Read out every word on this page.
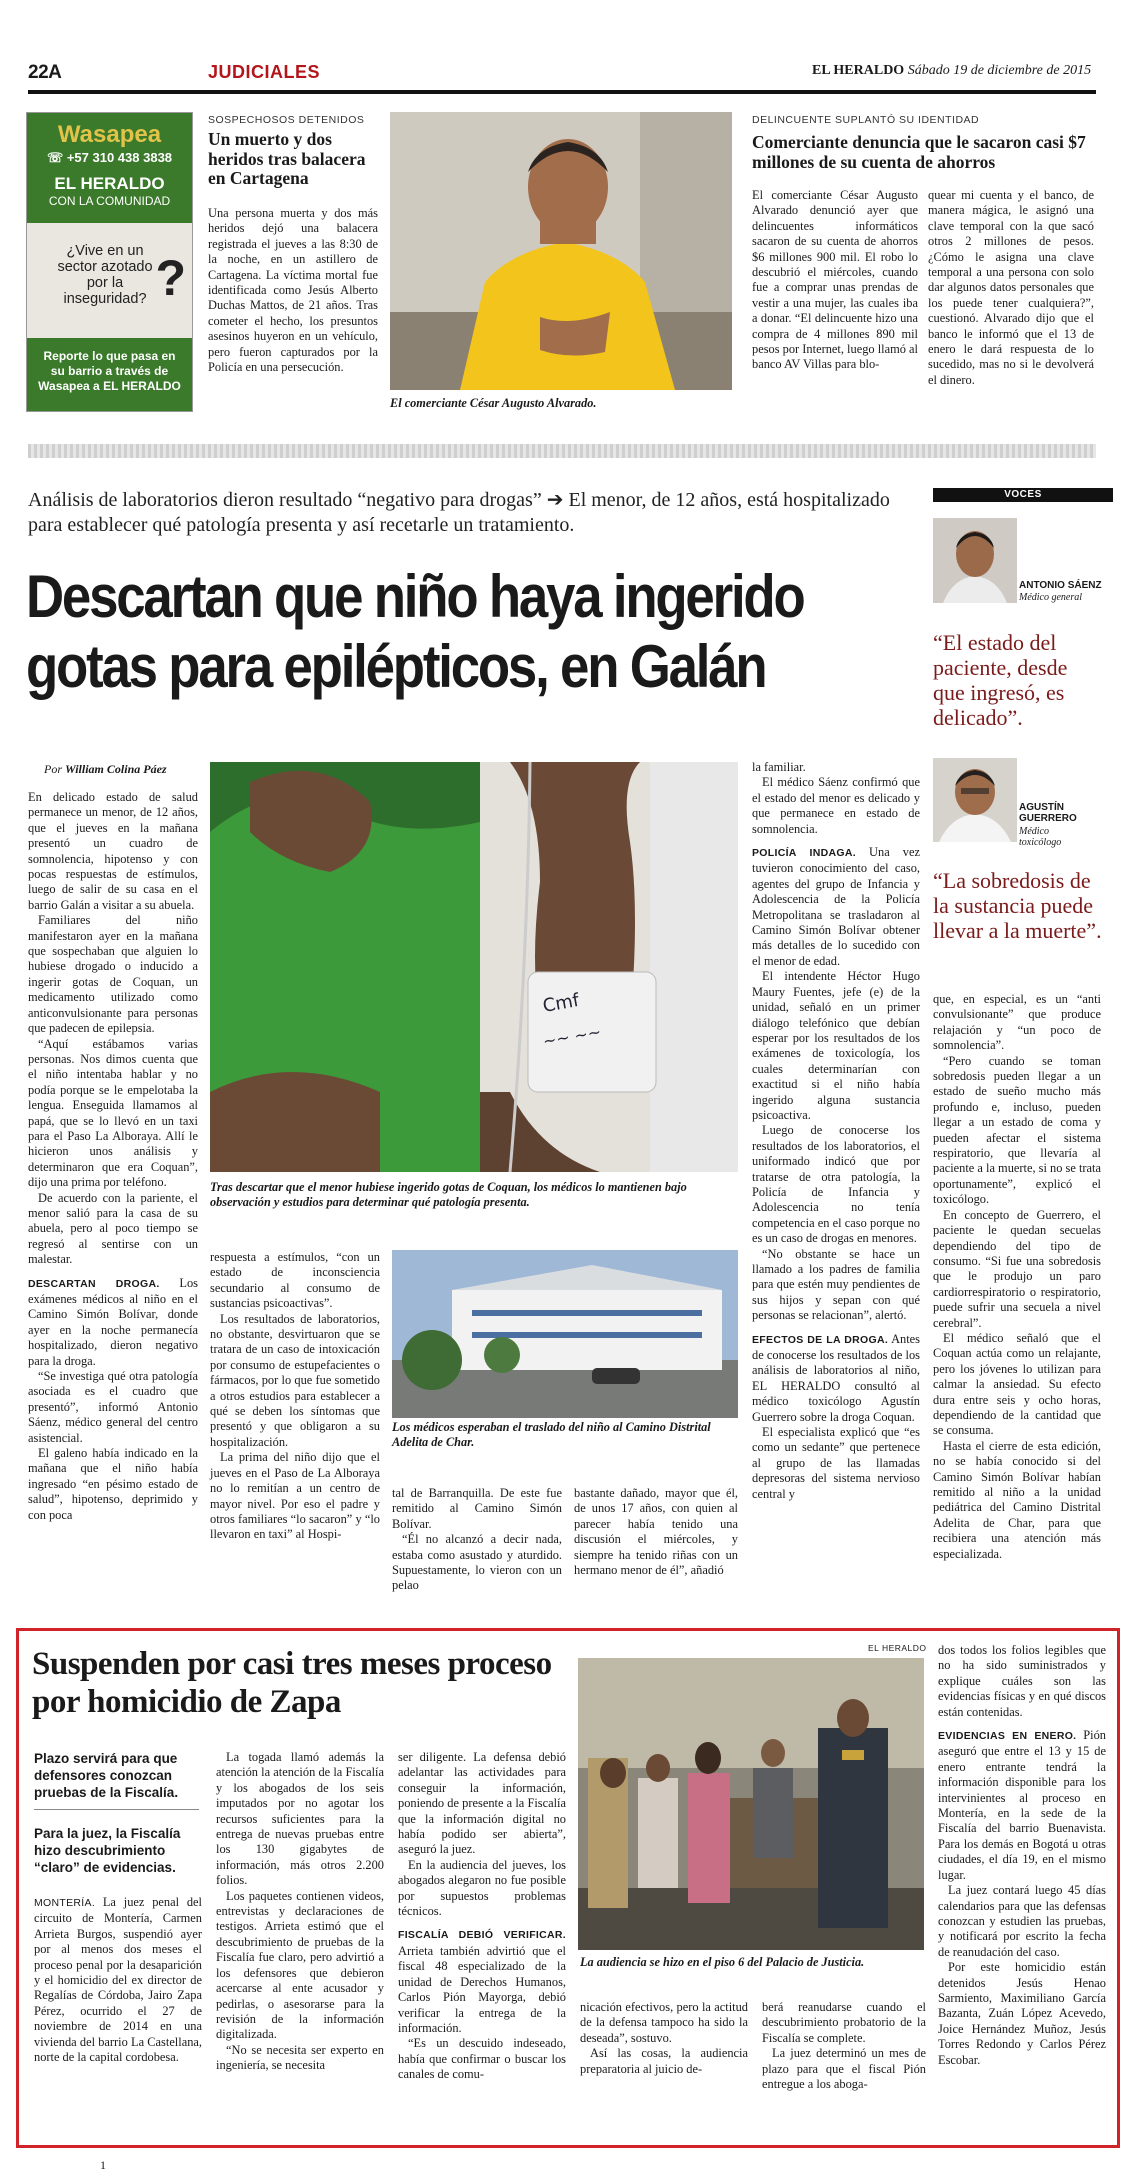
22A	JUDICIALES	EL HERALDO Sábado 19 de diciembre de 2015
Wasapea
☏ +57 310 438 3838
EL HERALDO
CON LA COMUNIDAD
¿Vive en un sector azotado por la inseguridad? ?
Reporte lo que pasa en su barrio a través de Wasapea a EL HERALDO
SOSPECHOSOS DETENIDOS
Un muerto y dos heridos tras balacera en Cartagena
Una persona muerta y dos más heridos dejó una balacera registrada el jueves a las 8:30 de la noche, en un astillero de Cartagena. La víctima mortal fue identificada como Jesús Alberto Duchas Mattos, de 21 años. Tras cometer el hecho, los presuntos asesinos huyeron en un vehículo, pero fueron capturados por la Policía en una persecución.
El comerciante César Augusto Alvarado.
DELINCUENTE SUPLANTÓ SU IDENTIDAD
Comerciante denuncia que le sacaron casi $7 millones de su cuenta de ahorros
El comerciante César Augusto Alvarado denunció ayer que delincuentes informáticos sacaron de su cuenta de ahorros $6 millones 900 mil. El robo lo descubrió el miércoles, cuando fue a comprar unas prendas de vestir a una mujer, las cuales iba a donar. “El delincuente hizo una compra de 4 millones 890 mil pesos por Internet, luego llamó al banco AV Villas para blo-
quear mi cuenta y el banco, de manera mágica, le asignó una clave temporal con la que sacó otros 2 millones de pesos. ¿Cómo le asigna una clave temporal a una persona con solo dar algunos datos personales que los puede tener cualquiera?”, cuestionó. Alvarado dijo que el banco le informó que el 13 de enero le dará respuesta de lo sucedido, mas no si le devolverá el dinero.
Análisis de laboratorios dieron resultado “negativo para drogas” ➔ El menor, de 12 años, está hospitalizado para establecer qué patología presenta y así recetarle un tratamiento.
Descartan que niño haya ingerido gotas para epilépticos, en Galán
VOCES
ANTONIO SÁENZ
Médico general
“El estado del paciente, desde que ingresó, es delicado”.
AGUSTÍN GUERRERO
Médico toxicólogo
“La sobredosis de la sustancia puede llevar a la muerte”.
Por William Colina Páez
Cmf
~~ ~~
Tras descartar que el menor hubiese ingerido gotas de Coquan, los médicos lo mantienen bajo observación y estudios para determinar qué patología presenta.
Los médicos esperaban el traslado del niño al Camino Distrital Adelita de Char.

En delicado estado de salud permanece un menor, de 12 años, que el jueves en la mañana presentó un cuadro de somnolencia, hipotenso y con pocas respuestas de estímulos, luego de salir de su casa en el barrio Galán a visitar a su abuela.

Familiares del niño manifestaron ayer en la mañana que sospechaban que alguien lo hubiese drogado o inducido a ingerir gotas de Coquan, un medicamento utilizado como anticonvulsionante para personas que padecen de epilepsia.

“Aquí estábamos varias personas. Nos dimos cuenta que el niño intentaba hablar y no podía porque se le empelotaba la lengua. Enseguida llamamos al papá, que se lo llevó en un taxi para el Paso La Alboraya. Allí le hicieron unos análisis y determinaron que era Coquan”, dijo una prima por teléfono.

De acuerdo con la pariente, el menor salió para la casa de su abuela, pero al poco tiempo se regresó al sentirse con un malestar.

DESCARTAN DROGA. Los exámenes médicos al niño en el Camino Simón Bolívar, donde ayer en la noche permanecía hospitalizado, dieron negativo para la droga.

“Se investiga qué otra patología asociada es el cuadro que presentó”, informó Antonio Sáenz, médico general del centro asistencial.

El galeno había indicado en la mañana que el niño había ingresado “en pésimo estado de salud”, hipotenso, deprimido y con poca

respuesta a estímulos, “con un estado de inconsciencia secundario al consumo de sustancias psicoactivas”.

Los resultados de laboratorios, no obstante, desvirtuaron que se tratara de un caso de intoxicación por consumo de estupefacientes o fármacos, por lo que fue sometido a otros estudios para establecer a qué se deben los síntomas que presentó y que obligaron a su hospitalización.

La prima del niño dijo que el jueves en el Paso de La Alboraya no lo remitían a un centro de mayor nivel. Por eso el padre y otros familiares “lo sacaron” y “lo llevaron en taxi” al Hospi-

tal de Barranquilla. De este fue remitido al Camino Simón Bolívar.

“Él no alcanzó a decir nada, estaba como asustado y aturdido. Supuestamente, lo vieron con un pelao

bastante dañado, mayor que él, de unos 17 años, con quien al parecer había tenido una discusión el miércoles, y siempre ha tenido riñas con un hermano menor de él”, añadió

la familiar.

El médico Sáenz confirmó que el estado del menor es delicado y que permanece en estado de somnolencia.

POLICÍA INDAGA. Una vez tuvieron conocimiento del caso, agentes del grupo de Infancia y Adolescencia de la Policía Metropolitana se trasladaron al Camino Simón Bolívar obtener más detalles de lo sucedido con el menor de edad.

El intendente Héctor Hugo Maury Fuentes, jefe (e) de la unidad, señaló en un primer diálogo telefónico que debían esperar por los resultados de los exámenes de toxicología, los cuales determinarían con exactitud si el niño había ingerido alguna sustancia psicoactiva.

Luego de conocerse los resultados de los laboratorios, el uniformado indicó que por tratarse de otra patología, la Policía de Infancia y Adolescencia no tenía competencia en el caso porque no es un caso de drogas en menores.

“No obstante se hace un llamado a los padres de familia para que estén muy pendientes de sus hijos y sepan con qué personas se relacionan”, alertó.

EFECTOS DE LA DROGA. Antes de conocerse los resultados de los análisis de laboratorios al niño, EL HERALDO consultó al médico toxicólogo Agustín Guerrero sobre la droga Coquan.

El especialista explicó que “es como un sedante” que pertenece al grupo de las llamadas depresoras del sistema nervioso central y

que, en especial, es un “anti convulsionante” que produce relajación y “un poco de somnolencia”.

“Pero cuando se toman sobredosis pueden llegar a un estado de sueño mucho más profundo e, incluso, pueden llegar a un estado de coma y pueden afectar el sistema respiratorio, que llevaría al paciente a la muerte, si no se trata oportunamente”, explicó el toxicólogo.

En concepto de Guerrero, el paciente le quedan secuelas dependiendo del tipo de consumo. “Si fue una sobredosis que le produjo un paro cardiorrespiratorio o respiratorio, puede sufrir una secuela a nivel cerebral”.

El médico señaló que el Coquan actúa como un relajante, pero los jóvenes lo utilizan para calmar la ansiedad. Su efecto dura entre seis y ocho horas, dependiendo de la cantidad que se consuma.

Hasta el cierre de esta edición, no se había conocido si del Camino Simón Bolívar habían remitido al niño a la unidad pediátrica del Camino Distrital Adelita de Char, para que recibiera una atención más especializada.

Suspenden por casi tres meses proceso por homicidio de Zapa
Plazo servirá para que defensores conozcan pruebas de la Fiscalía.
Para la juez, la Fiscalía hizo descubrimiento “claro” de evidencias.
EL HERALDO
La audiencia se hizo en el piso 6 del Palacio de Justicia.

MONTERÍA. La juez penal del circuito de Montería, Carmen Arrieta Burgos, suspendió ayer por al menos dos meses el proceso penal por la desaparición y el homicidio del ex director de Regalías de Córdoba, Jairo Zapa Pérez, ocurrido el 27 de noviembre de 2014 en una vivienda del barrio La Castellana, norte de la capital cordobesa.

La togada llamó además la atención la atención de la Fiscalía y los abogados de los seis imputados por no agotar los recursos suficientes para la entrega de nuevas pruebas entre los 130 gigabytes de información, más otros 2.200 folios.

Los paquetes contienen videos, entrevistas y declaraciones de testigos. Arrieta estimó que el descubrimiento de pruebas de la Fiscalía fue claro, pero advirtió a los defensores que debieron acercarse al ente acusador y pedirlas, o asesorarse para la revisión de la información digitalizada.

“No se necesita ser experto en ingeniería, se necesita

ser diligente. La defensa debió adelantar las actividades para conseguir la información, poniendo de presente a la Fiscalía que la información digital no había podido ser abierta”, aseguró la juez.

En la audiencia del jueves, los abogados alegaron no fue posible por supuestos problemas técnicos.

FISCALÍA DEBIÓ VERIFICAR. Arrieta también advirtió que el fiscal 48 especializado de la unidad de Derechos Humanos, Carlos Pión Mayorga, debió verificar la entrega de la información.

“Es un descuido indeseado, había que confirmar o buscar los canales de comu-

nicación efectivos, pero la actitud de la defensa tampoco ha sido la deseada”, sostuvo.

Así las cosas, la audiencia preparatoria al juicio de-

berá reanudarse cuando el descubrimiento probatorio de la Fiscalía se complete.

La juez determinó un mes de plazo para que el fiscal Pión entregue a los aboga-

dos todos los folios legibles que no ha sido suministrados y explique cuáles son las evidencias físicas y en qué discos están contenidas.

EVIDENCIAS EN ENERO. Pión aseguró que entre el 13 y 15 de enero entrante tendrá la información disponible para los intervinientes al proceso en Montería, en la sede de la Fiscalía del barrio Buenavista. Para los demás en Bogotá u otras ciudades, el día 19, en el mismo lugar.

La juez contará luego 45 días calendarios para que las defensas conozcan y estudien las pruebas, y notificará por escrito la fecha de reanudación del caso.

Por este homicidio están detenidos Jesús Henao Sarmiento, Maximiliano García Bazanta, Zuán López Acevedo, Joice Hernández Muñoz, Jesús Torres Redondo y Carlos Pérez Escobar.

1
